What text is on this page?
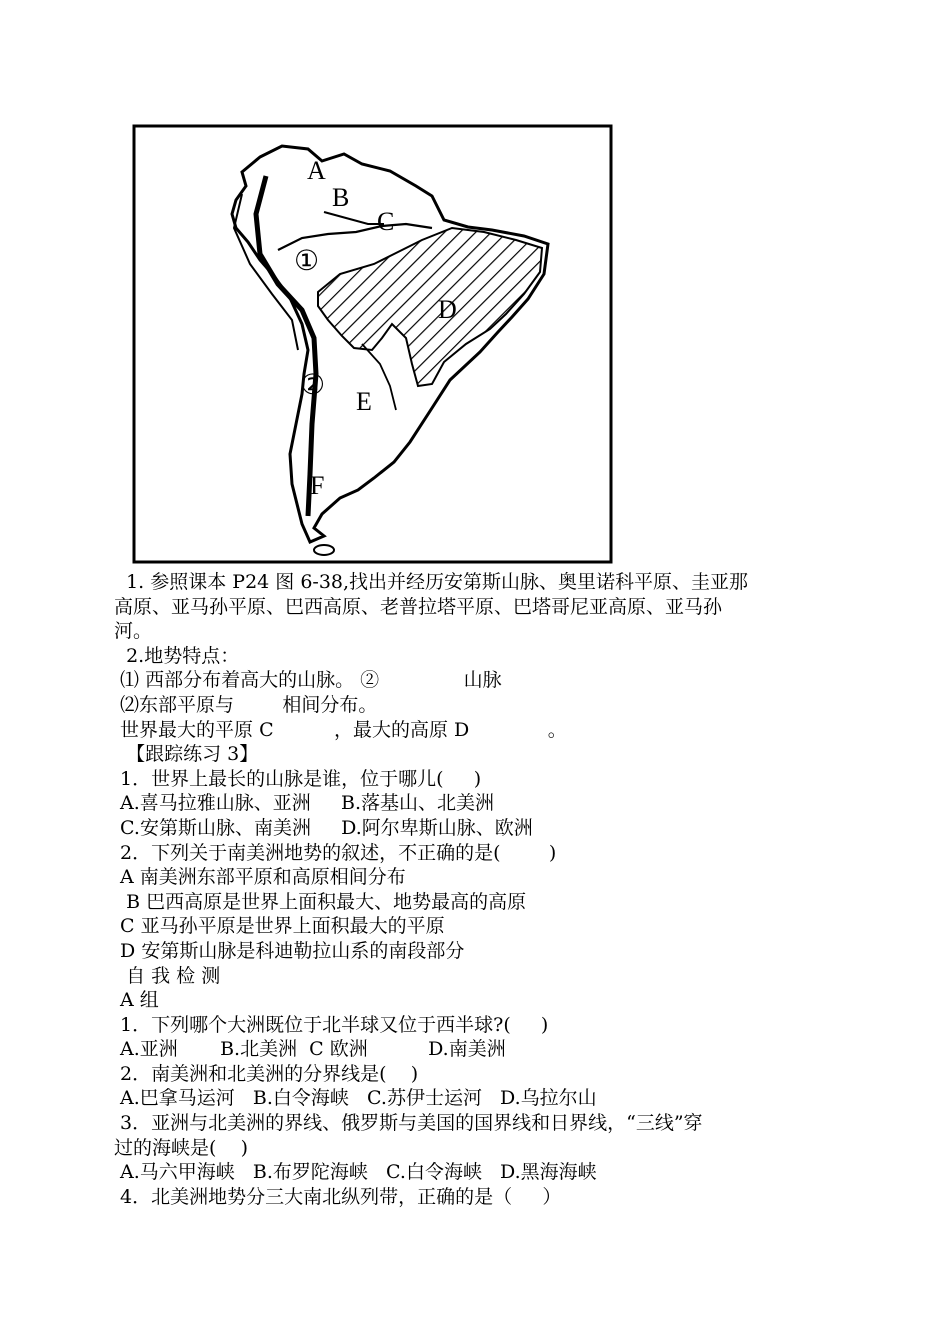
A
B
C
D
E
F
①
②

1. 参照课本 P24 图 6-38,找出并经历安第斯山脉、奥里诺科平原、圭亚那

高原、亚马孙平原、巴西高原、老普拉塔平原、巴塔哥尼亚高原、亚马孙

河。

2.地势特点：

⑴ 西部分布着高大的山脉。 ②              山脉

⑵东部平原与        相间分布。

世界最大的平原 C          ，最大的高原 D             。

【跟踪练习 3】

1．世界上最长的山脉是谁，位于哪儿(     )

A.喜马拉雅山脉、亚洲     B.落基山、北美洲

C.安第斯山脉、南美洲     D.阿尔卑斯山脉、欧洲

2．下列关于南美洲地势的叙述，不正确的是(        )

A 南美洲东部平原和高原相间分布

B 巴西高原是世界上面积最大、地势最高的高原

C 亚马孙平原是世界上面积最大的平原

D 安第斯山脉是科迪勒拉山系的南段部分

自 我 检 测

A 组

1．下列哪个大洲既位于北半球又位于西半球?(     )

A.亚洲       B.北美洲  C 欧洲          D.南美洲

2．南美洲和北美洲的分界线是(    )

A.巴拿马运河   B.白令海峡   C.苏伊士运河   D.乌拉尔山

3．亚洲与北美洲的界线、俄罗斯与美国的国界线和日界线，“三线”穿

过的海峡是(    )

A.马六甲海峡   B.布罗陀海峡   C.白令海峡   D.黑海海峡

4．北美洲地势分三大南北纵列带，正确的是（     ）
